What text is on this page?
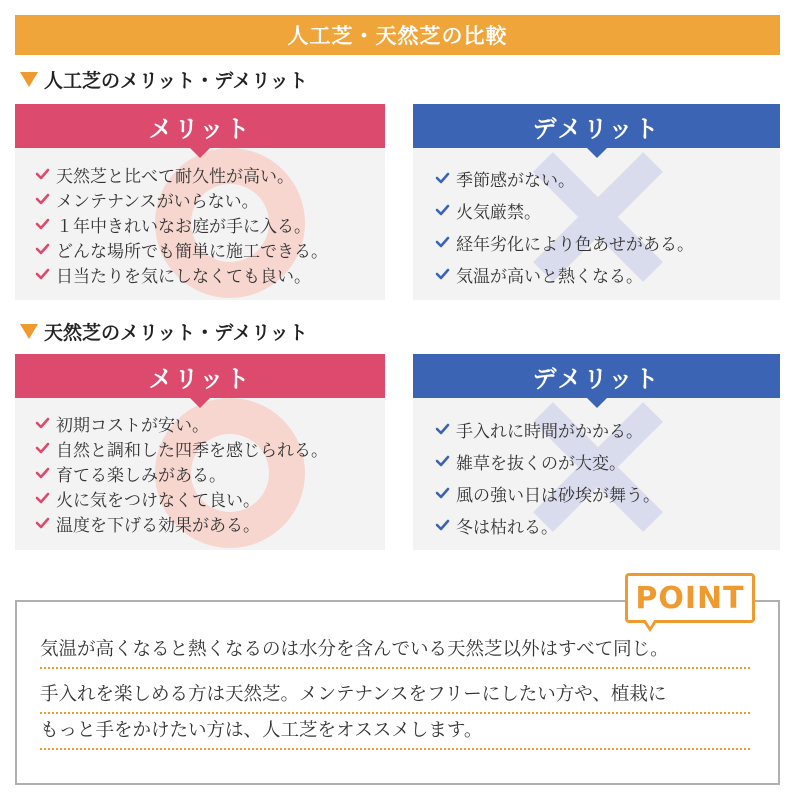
人工芝・天然芝の比較
人工芝のメリット・デメリット
メリット
天然芝と比べて耐久性が高い。
メンテナンスがいらない。
１年中きれいなお庭が手に入る。
どんな場所でも簡単に施工できる。
日当たりを気にしなくても良い。
デメリット
季節感がない。
火気厳禁。
経年劣化により色あせがある。
気温が高いと熱くなる。
天然芝のメリット・デメリット
メリット
初期コストが安い。
自然と調和した四季を感じられる。
育てる楽しみがある。
火に気をつけなくて良い。
温度を下げる効果がある。
デメリット
手入れに時間がかかる。
雑草を抜くのが大変。
風の強い日は砂埃が舞う。
冬は枯れる。
POINT
気温が高くなると熱くなるのは水分を含んでいる天然芝以外はすべて同じ。
手入れを楽しめる方は天然芝。メンテナンスをフリーにしたい方や、植栽に
もっと手をかけたい方は、人工芝をオススメします。
